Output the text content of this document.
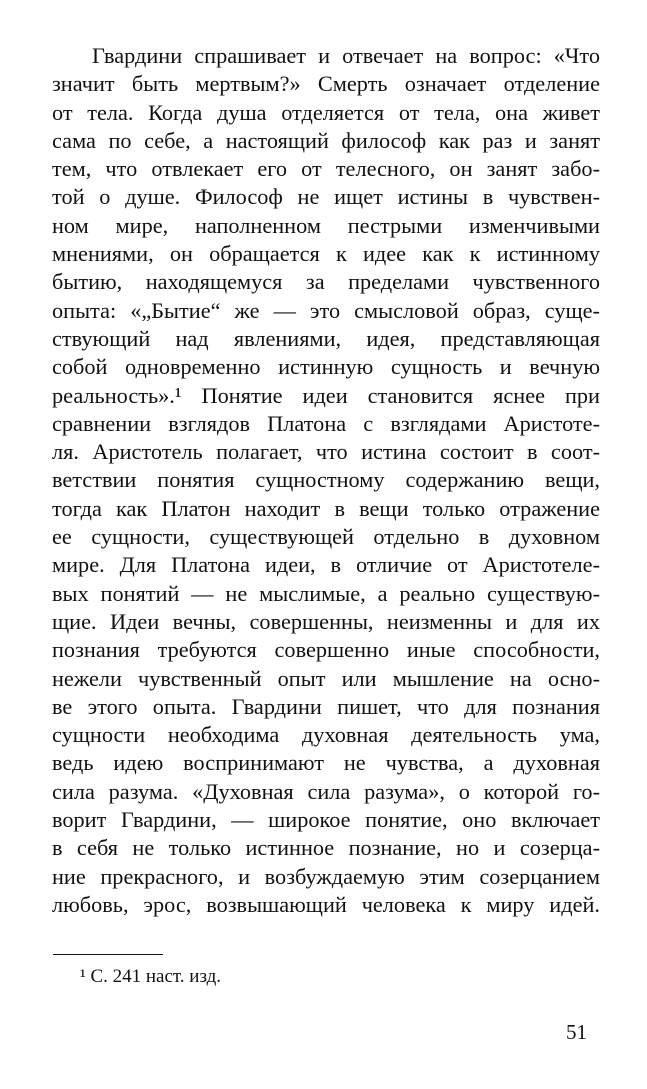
Гвардини спрашивает и отвечает на вопрос: «Что
значит быть мертвым?» Смерть означает отделение
от тела. Когда душа отделяется от тела, она живет
сама по себе, а настоящий философ как раз и занят
тем, что отвлекает его от телесного, он занят забо-
той о душе. Философ не ищет истины в чувствен-
ном мире, наполненном пестрыми изменчивыми
мнениями, он обращается к идее как к истинному
бытию, находящемуся за пределами чувственного
опыта: «„Бытие“ же — это смысловой образ, суще-
ствующий над явлениями, идея, представляющая
собой одновременно истинную сущность и вечную
реальность».¹ Понятие идеи становится яснее при
сравнении взглядов Платона с взглядами Аристоте-
ля. Аристотель полагает, что истина состоит в соот-
ветствии понятия сущностному содержанию вещи,
тогда как Платон находит в вещи только отражение
ее сущности, существующей отдельно в духовном
мире. Для Платона идеи, в отличие от Аристотеле-
вых понятий — не мыслимые, а реально существую-
щие. Идеи вечны, совершенны, неизменны и для их
познания требуются совершенно иные способности,
нежели чувственный опыт или мышление на осно-
ве этого опыта. Гвардини пишет, что для познания
сущности необходима духовная деятельность ума,
ведь идею воспринимают не чувства, а духовная
сила разума. «Духовная сила разума», о которой го-
ворит Гвардини, — широкое понятие, оно включает
в себя не только истинное познание, но и созерца-
ние прекрасного, и возбуждаемую этим созерцанием
любовь, эрос, возвышающий человека к миру идей.
¹ С. 241 наст. изд.
51
